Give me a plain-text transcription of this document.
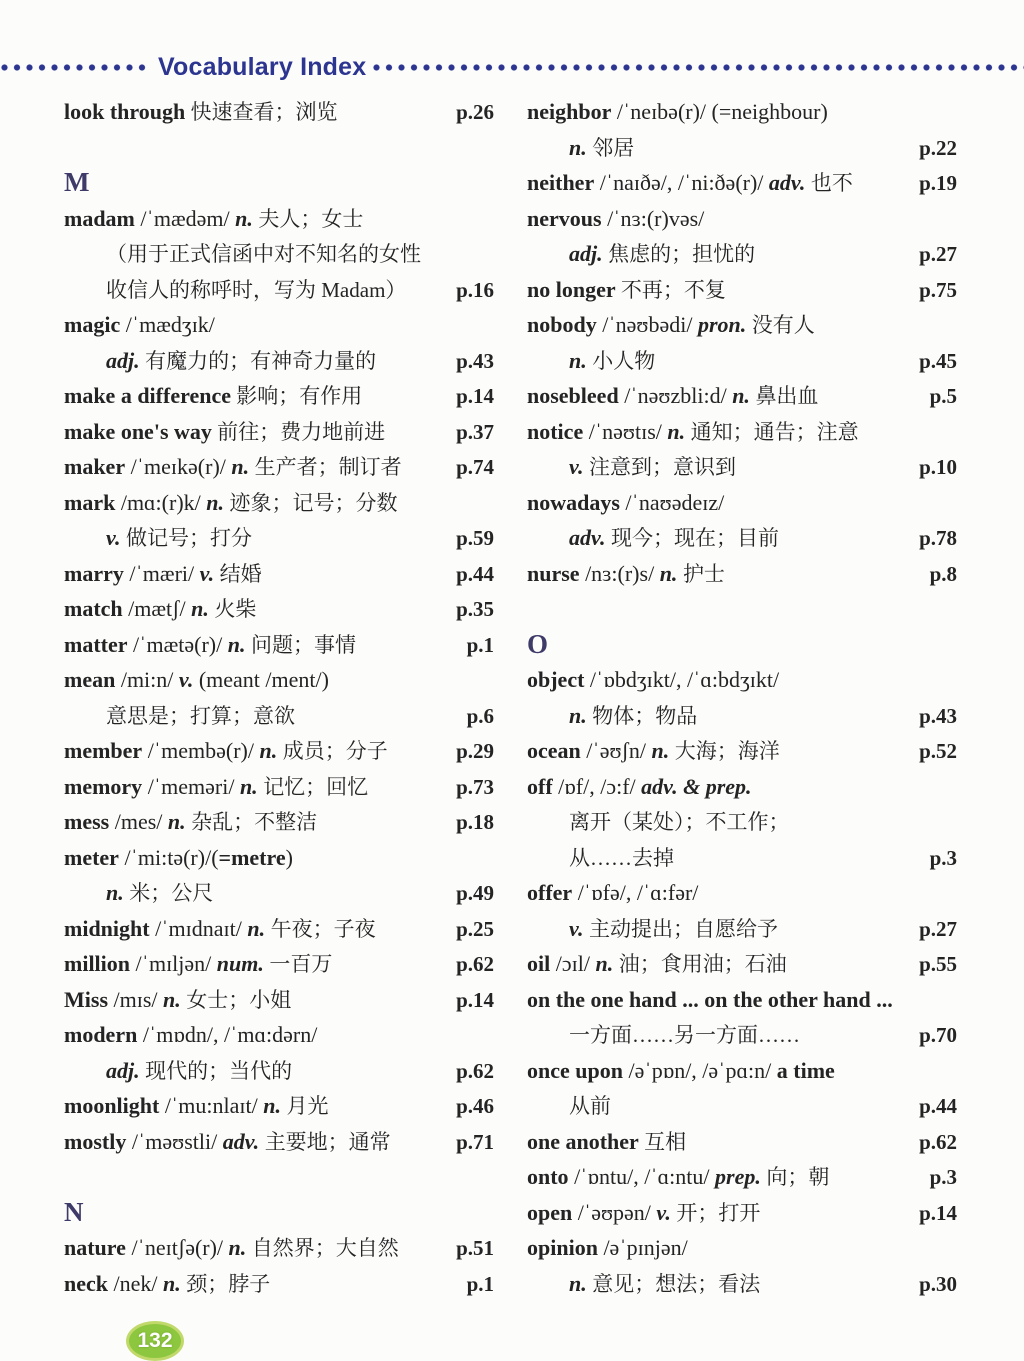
Vocabulary Index
look through 快速查看；浏览	p.26
M
madam /ˈmædəm/ n. 夫人；女士
（用于正式信函中对不知名的女性
收信人的称呼时，写为 Madam）	p.16
magic /ˈmædʒɪk/
adj. 有魔力的；有神奇力量的	p.43
make a difference 影响；有作用	p.14
make one's way 前往；费力地前进	p.37
maker /ˈmeɪkə(r)/ n. 生产者；制订者	p.74
mark /mɑ:(r)k/ n. 迹象；记号；分数
v. 做记号；打分	p.59
marry /ˈmæri/ v. 结婚	p.44
match /mætʃ/ n. 火柴	p.35
matter /ˈmætə(r)/ n. 问题；事情	p.1
mean /mi:n/ v. (meant /ment/)
意思是；打算；意欲	p.6
member /ˈmembə(r)/ n. 成员；分子	p.29
memory /ˈmeməri/ n. 记忆；回忆	p.73
mess /mes/ n. 杂乱；不整洁	p.18
meter /ˈmi:tə(r)/(=metre)
n. 米；公尺	p.49
midnight /ˈmɪdnaɪt/ n. 午夜；子夜	p.25
million /ˈmɪljən/ num. 一百万	p.62
Miss /mɪs/ n. 女士；小姐	p.14
modern /ˈmɒdn/, /ˈmɑ:dərn/
adj. 现代的；当代的	p.62
moonlight /ˈmu:nlaɪt/ n. 月光	p.46
mostly /ˈməʊstli/ adv. 主要地；通常	p.71
N
nature /ˈneɪtʃə(r)/ n. 自然界；大自然	p.51
neck /nek/ n. 颈；脖子	p.1
neighbor /ˈneɪbə(r)/ (=neighbour)
n. 邻居	p.22
neither /ˈnaɪðə/, /ˈni:ðə(r)/ adv. 也不	p.19
nervous /ˈnɜ:(r)vəs/
adj. 焦虑的；担忧的	p.27
no longer 不再；不复	p.75
nobody /ˈnəʊbədi/ pron. 没有人
n. 小人物	p.45
nosebleed /ˈnəʊzbli:d/ n. 鼻出血	p.5
notice /ˈnəʊtɪs/ n. 通知；通告；注意
v. 注意到；意识到	p.10
nowadays /ˈnaʊədeɪz/
adv. 现今；现在；目前	p.78
nurse /nɜ:(r)s/ n. 护士	p.8
O
object /ˈɒbdʒɪkt/, /ˈɑ:bdʒɪkt/
n. 物体；物品	p.43
ocean /ˈəʊʃn/ n. 大海；海洋	p.52
off /ɒf/, /ɔ:f/ adv. & prep.
离开（某处）；不工作；
从……去掉	p.3
offer /ˈɒfə/, /ˈɑ:fər/
v. 主动提出；自愿给予	p.27
oil /ɔɪl/ n. 油；食用油；石油	p.55
on the one hand ... on the other hand ...
一方面……另一方面……	p.70
once upon /əˈpɒn/, /əˈpɑ:n/ a time
从前	p.44
one another 互相	p.62
onto /ˈɒntu/, /ˈɑ:ntu/ prep. 向；朝	p.3
open /ˈəʊpən/ v. 开；打开	p.14
opinion /əˈpɪnjən/
n. 意见；想法；看法	p.30
132
